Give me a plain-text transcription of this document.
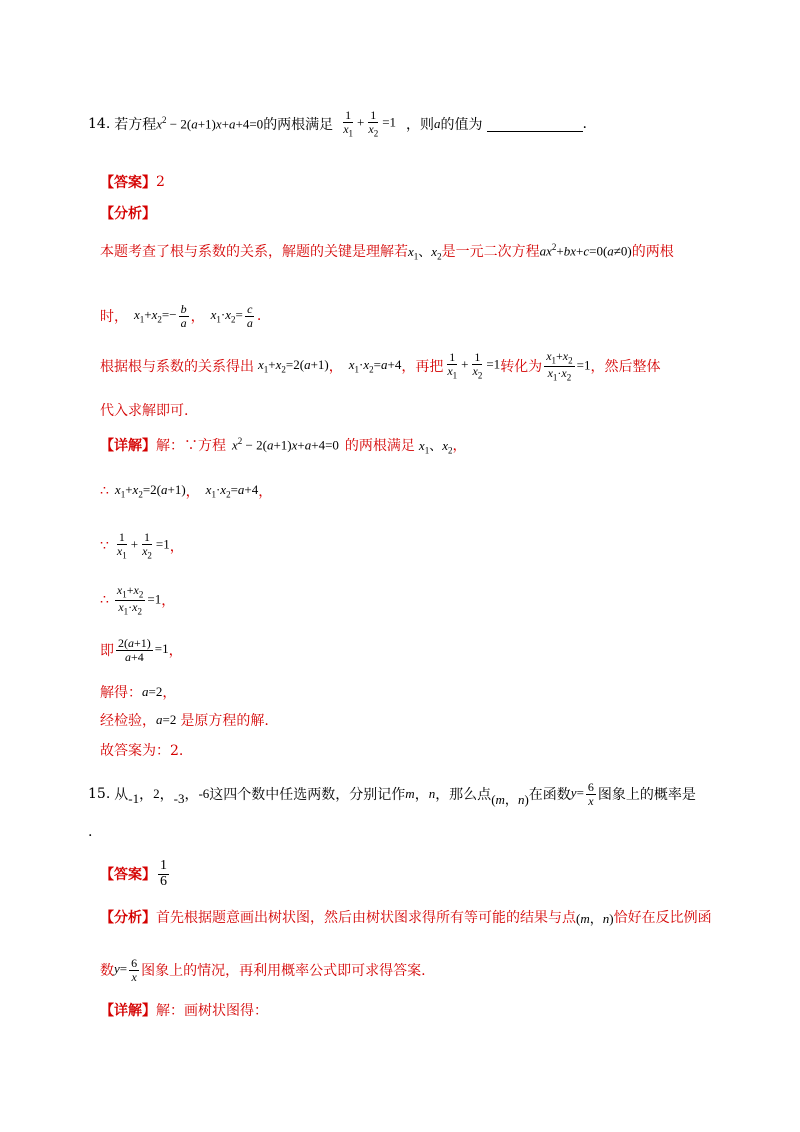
14. 若方程 $x^2 - 2(a+1)x+a+4=0$ 的两根满足 $\frac{1}{x_1} + \frac{1}{x_2} =1$ ，则 a 的值为	.
【答案】 2
【分析】
本题考查了根与系数的关系，解题的关键是理解若 $x_1$、$x_2$ 是一元二次方程 $ax^2+bx+c=0(a\ne 0)$ 的两根
时， $x_1+x_2=- \frac{b}{a}$ ， $x_1\cdot x_2= \frac{c}{a}$ .
根据根与系数的关系得出 $x_1+x_2=2(a+1)$ ， $x_1\cdot x_2=a+4$ ，再把 $\frac{1}{x_1} + \frac{1}{x_2} =1$ 转化为 $\frac{x_1+x_2}{x_1\cdot x_2} =1$ ，然后整体
代入求解即可.
【详解】 解：∵方程 $x^2 - 2(a+1)x+a+4=0$ 的两根满足 $x_1$、$x_2$ ，
∴ $x_1+x_2=2(a+1)$ ， $x_1\cdot x_2=a+4$ ，
∵ $\frac{1}{x_1} + \frac{1}{x_2} =1$ ，
∴ $\frac{x_1+x_2}{x_1\cdot x_2} =1$ ，
即 $\frac{2(a+1)}{a+4} =1$ ，
解得： a=2 ，
经检验， a=2 是原方程的解.
故答案为：2.
15. 从 -1 ， 2 ， -3 ， -6 这四个数中任选两数，分别记作 m ， n ，那么点 (m，n) 在函数 $y= \frac{6}{x}$ 图象上的概率是
.
【答案】 $\frac{1}{6}$
【分析】 首先根据题意画出树状图，然后由树状图求得所有等可能的结果与点 (m，n) 恰好在反比例函
数 $y= \frac{6}{x}$ 图象上的情况，再利用概率公式即可求得答案.
【详解】 解：画树状图得：
